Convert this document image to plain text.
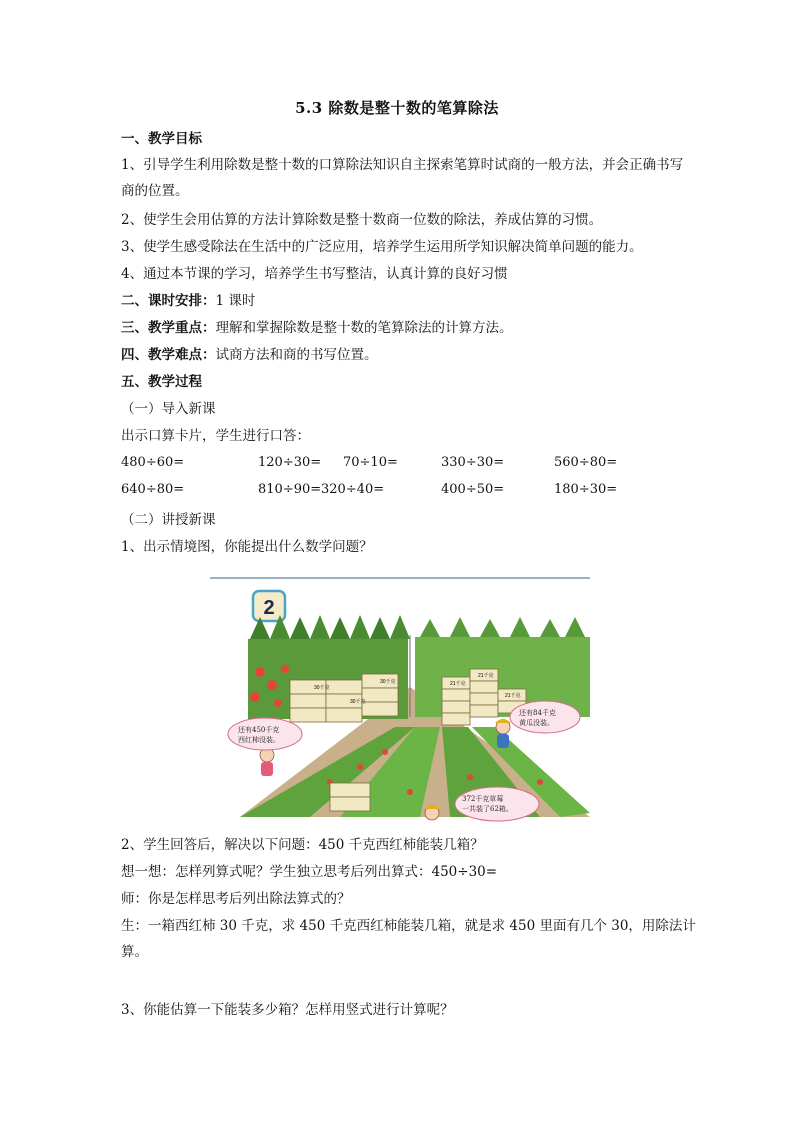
5.3 除数是整十数的笔算除法
一、教学目标
1、引导学生利用除数是整十数的口算除法知识自主探索笔算时试商的一般方法，并会正确书写商的位置。
2、使学生会用估算的方法计算除数是整十数商一位数的除法，养成估算的习惯。
3、使学生感受除法在生活中的广泛应用，培养学生运用所学知识解决简单问题的能力。
4、通过本节课的学习，培养学生书写整洁，认真计算的良好习惯
二、课时安排：1 课时
三、教学重点：理解和掌握除数是整十数的笔算除法的计算方法。
四、教学难点：试商方法和商的书写位置。
五、教学过程
（一）导入新课
出示口算卡片，学生进行口答：
480÷60=	120÷30= 70÷10=	330÷30=	560÷80=
640÷80=	810÷90= 320÷40=	400÷50=	180÷30=
（二）讲授新课
1、出示情境图，你能提出什么数学问题？
2
30千克
30千克
30千克	21千克
21千克
21千克
还有450千克 西红柿没装。
还有84千克 黄瓜没装。
372千克草莓 一共装了62箱。
2、学生回答后，解决以下问题：450 千克西红柿能装几箱？
想一想：怎样列算式呢？学生独立思考后列出算式：450÷30=
师：你是怎样思考后列出除法算式的？
生：一箱西红柿 30 千克，求 450 千克西红柿能装几箱，就是求 450 里面有几个 30，用除法计算。
3、你能估算一下能装多少箱？怎样用竖式进行计算呢？
